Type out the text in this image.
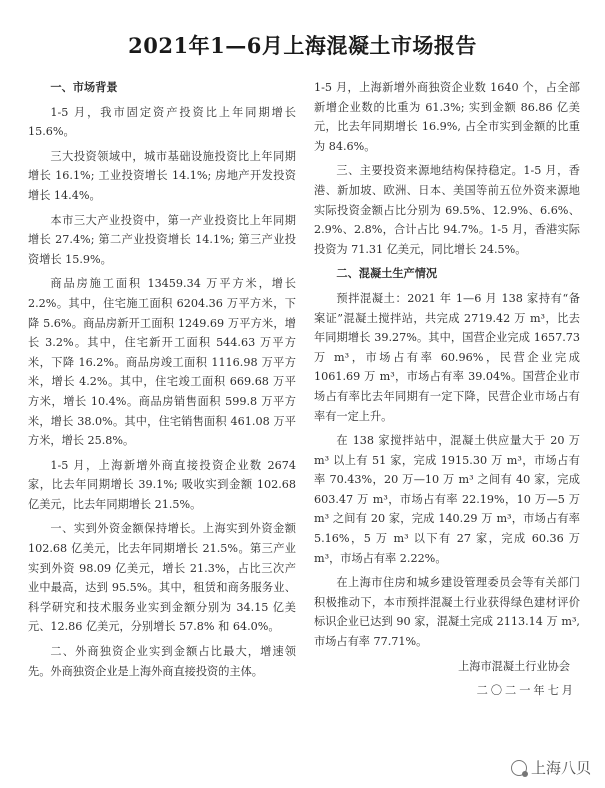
2021年1—6月上海混凝土市场报告
一、市场背景

1-5 月，我市固定资产投资比上年同期增长 15.6%。

三大投资领域中，城市基础设施投资比上年同期增长 16.1%; 工业投资增长 14.1%; 房地产开发投资增长 14.4%。

本市三大产业投资中，第一产业投资比上年同期增长 27.4%; 第二产业投资增长 14.1%; 第三产业投资增长 15.9%。

商品房施工面积 13459.34 万平方米，增长 2.2%。其中，住宅施工面积 6204.36 万平方米，下降 5.6%。商品房新开工面积 1249.69 万平方米，增长 3.2%。其中，住宅新开工面积 544.63 万平方米，下降 16.2%。商品房竣工面积 1116.98 万平方米，增长 4.2%。其中，住宅竣工面积 669.68 万平方米，增长 10.4%。商品房销售面积 599.8 万平方米，增长 38.0%。其中，住宅销售面积 461.08 万平方米，增长 25.8%。

1-5 月，上海新增外商直接投资企业数 2674 家，比去年同期增长 39.1%; 吸收实到金额 102.68 亿美元，比去年同期增长 21.5%。

一、实到外资金额保持增长。上海实到外资金额 102.68 亿美元，比去年同期增长 21.5%。第三产业实到外资 98.09 亿美元，增长 21.3%，占比三次产业中最高，达到 95.5%。其中，租赁和商务服务业、科学研究和技术服务业实到金额分别为 34.15 亿美元、12.86 亿美元，分别增长 57.8% 和 64.0%。

二、外商独资企业实到金额占比最大，增速领先。外商独资企业是上海外商直接投资的主体。

1-5 月，上海新增外商独资企业数 1640 个，占全部新增企业数的比重为 61.3%; 实到金额 86.86 亿美元，比去年同期增长 16.9%, 占全市实到金额的比重为 84.6%。

三、主要投资来源地结构保持稳定。1-5 月，香港、新加坡、欧洲、日本、美国等前五位外资来源地实际投资金额占比分别为 69.5%、12.9%、6.6%、2.9%、2.8%，合计占比 94.7%。1-5 月，香港实际投资为 71.31 亿美元，同比增长 24.5%。

二、混凝土生产情况

预拌混凝土：2021 年 1—6 月 138 家持有“备案证”混凝土搅拌站，共完成 2719.42 万 m³，比去年同期增长 39.27%。其中，国营企业完成 1657.73 万 m³，市场占有率 60.96%，民营企业完成 1061.69 万 m³，市场占有率 39.04%。国营企业市场占有率比去年同期有一定下降，民营企业市场占有率有一定上升。

在 138 家搅拌站中，混凝土供应量大于 20 万 m³ 以上有 51 家，完成 1915.30 万 m³，市场占有率 70.43%，20 万—10 万 m³ 之间有 40 家，完成 603.47 万 m³，市场占有率 22.19%，10 万—5 万 m³ 之间有 20 家，完成 140.29 万 m³，市场占有率 5.16%，5 万 m³ 以下有 27 家，完成 60.36 万 m³，市场占有率 2.22%。

在上海市住房和城乡建设管理委员会等有关部门积极推动下，本市预拌混凝土行业获得绿色建材评价标识企业已达到 90 家，混凝土完成 2113.14 万 m³, 市场占有率 77.71%。

上海市混凝土行业协会

二〇二一年七月

上海八贝
